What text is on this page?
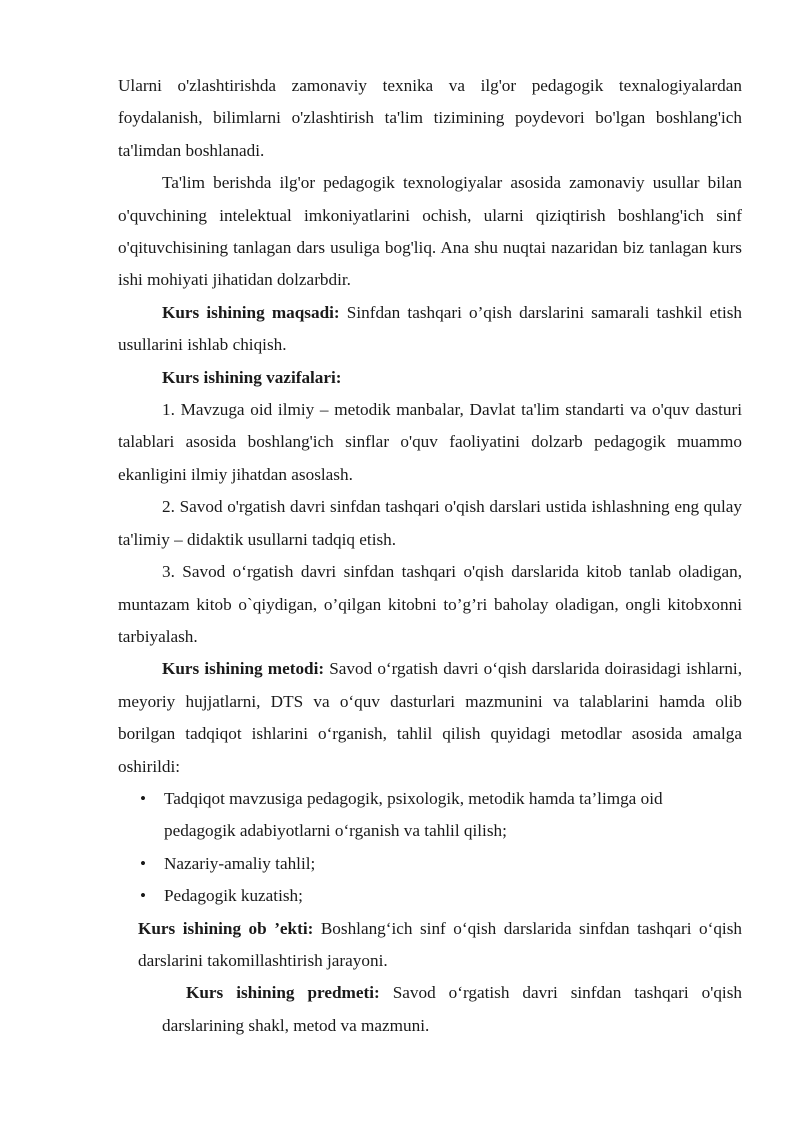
Ularni o'zlashtirishda zamonaviy texnika va ilg'or pedagogik texnalogiyalardan foydalanish, bilimlarni o'zlashtirish ta'lim tizimining poydevori bo'lgan boshlang'ich ta'limdan boshlanadi.

Ta'lim berishda ilg'or pedagogik texnologiyalar asosida zamonaviy usullar bilan o'quvchining intelektual imkoniyatlarini ochish, ularni qiziqtirish boshlang'ich sinf o'qituvchisining tanlagan dars usuliga bog'liq. Ana shu nuqtai nazaridan biz tanlagan kurs ishi mohiyati jihatidan dolzarbdir.

Kurs ishining maqsadi: Sinfdan tashqari o’qish darslarini samarali tashkil etish usullarini ishlab chiqish.

Kurs ishining vazifalari:

1. Mavzuga oid ilmiy – metodik manbalar, Davlat ta'lim standarti va o'quv dasturi talablari asosida boshlang'ich sinflar o'quv faoliyatini dolzarb pedagogik muammo ekanligini ilmiy jihatdan asoslash.

2. Savod o'rgatish davri sinfdan tashqari o'qish darslari ustida ishlashning eng qulay ta'limiy – didaktik usullarni tadqiq etish.

3. Savod o‘rgatish davri sinfdan tashqari o'qish darslarida kitob tanlab oladigan, muntazam kitob o`qiydigan, o’qilgan kitobni to’g’ri baholay oladigan, ongli kitobxonni tarbiyalash.

Kurs ishining metodi: Savod o‘rgatish davri o‘qish darslarida doirasidagi ishlarni, meyoriy hujjatlarni, DTS va o‘quv dasturlari mazmunini va talablarini hamda olib borilgan tadqiqot ishlarini o‘rganish, tahlil qilish quyidagi metodlar asosida amalga oshirildi:

• Tadqiqot mavzusiga pedagogik, psixologik, metodik hamda ta’limga oid pedagogik adabiyotlarni o‘rganish va tahlil qilish;
• Nazariy-amaliy tahlil;
• Pedagogik kuzatish;

Kurs ishining ob ’ekti: Boshlang‘ich sinf o‘qish darslarida sinfdan tashqari o‘qish darslarini takomillashtirish jarayoni.

Kurs ishining predmeti: Savod o‘rgatish davri sinfdan tashqari o'qish darslarining shakl, metod va mazmuni.
